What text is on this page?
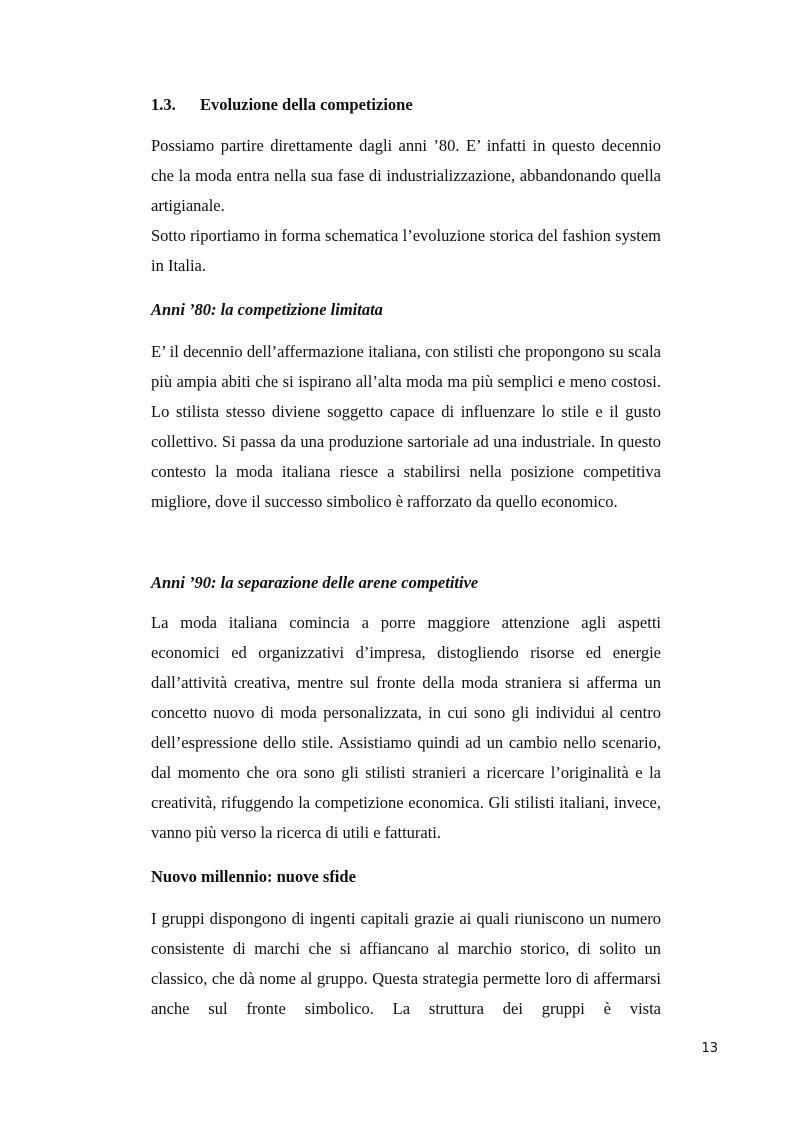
1.3. Evoluzione della competizione

Possiamo partire direttamente dagli anni ’80. E’ infatti in questo decennio che la moda entra nella sua fase di industrializzazione, abbandonando quella artigianale.

Sotto riportiamo in forma schematica l’evoluzione storica del fashion system in Italia.

Anni ’80: la competizione limitata

E’ il decennio dell’affermazione italiana, con stilisti che propongono su scala più ampia abiti che si ispirano all’alta moda ma più semplici e meno costosi. Lo stilista stesso diviene soggetto capace di influenzare lo stile e il gusto collettivo. Si passa da una produzione sartoriale ad una industriale. In questo contesto la moda italiana riesce a stabilirsi nella posizione competitiva migliore, dove il successo simbolico è rafforzato da quello economico.

Anni ’90: la separazione delle arene competitive

La moda italiana comincia a porre maggiore attenzione agli aspetti economici ed organizzativi d’impresa, distogliendo risorse ed energie dall’attività creativa, mentre sul fronte della moda straniera si afferma un concetto nuovo di moda personalizzata, in cui sono gli individui al centro dell’espressione dello stile. Assistiamo quindi ad un cambio nello scenario, dal momento che ora sono gli stilisti stranieri a ricercare l’originalità e la creatività, rifuggendo la competizione economica. Gli stilisti italiani, invece, vanno più verso la ricerca di utili e fatturati.

Nuovo millennio: nuove sfide

I gruppi dispongono di ingenti capitali grazie ai quali riuniscono un numero consistente di marchi che si affiancano al marchio storico, di solito un classico, che dà nome al gruppo. Questa strategia permette loro di affermarsi anche sul fronte simbolico. La struttura dei gruppi è vista

13
